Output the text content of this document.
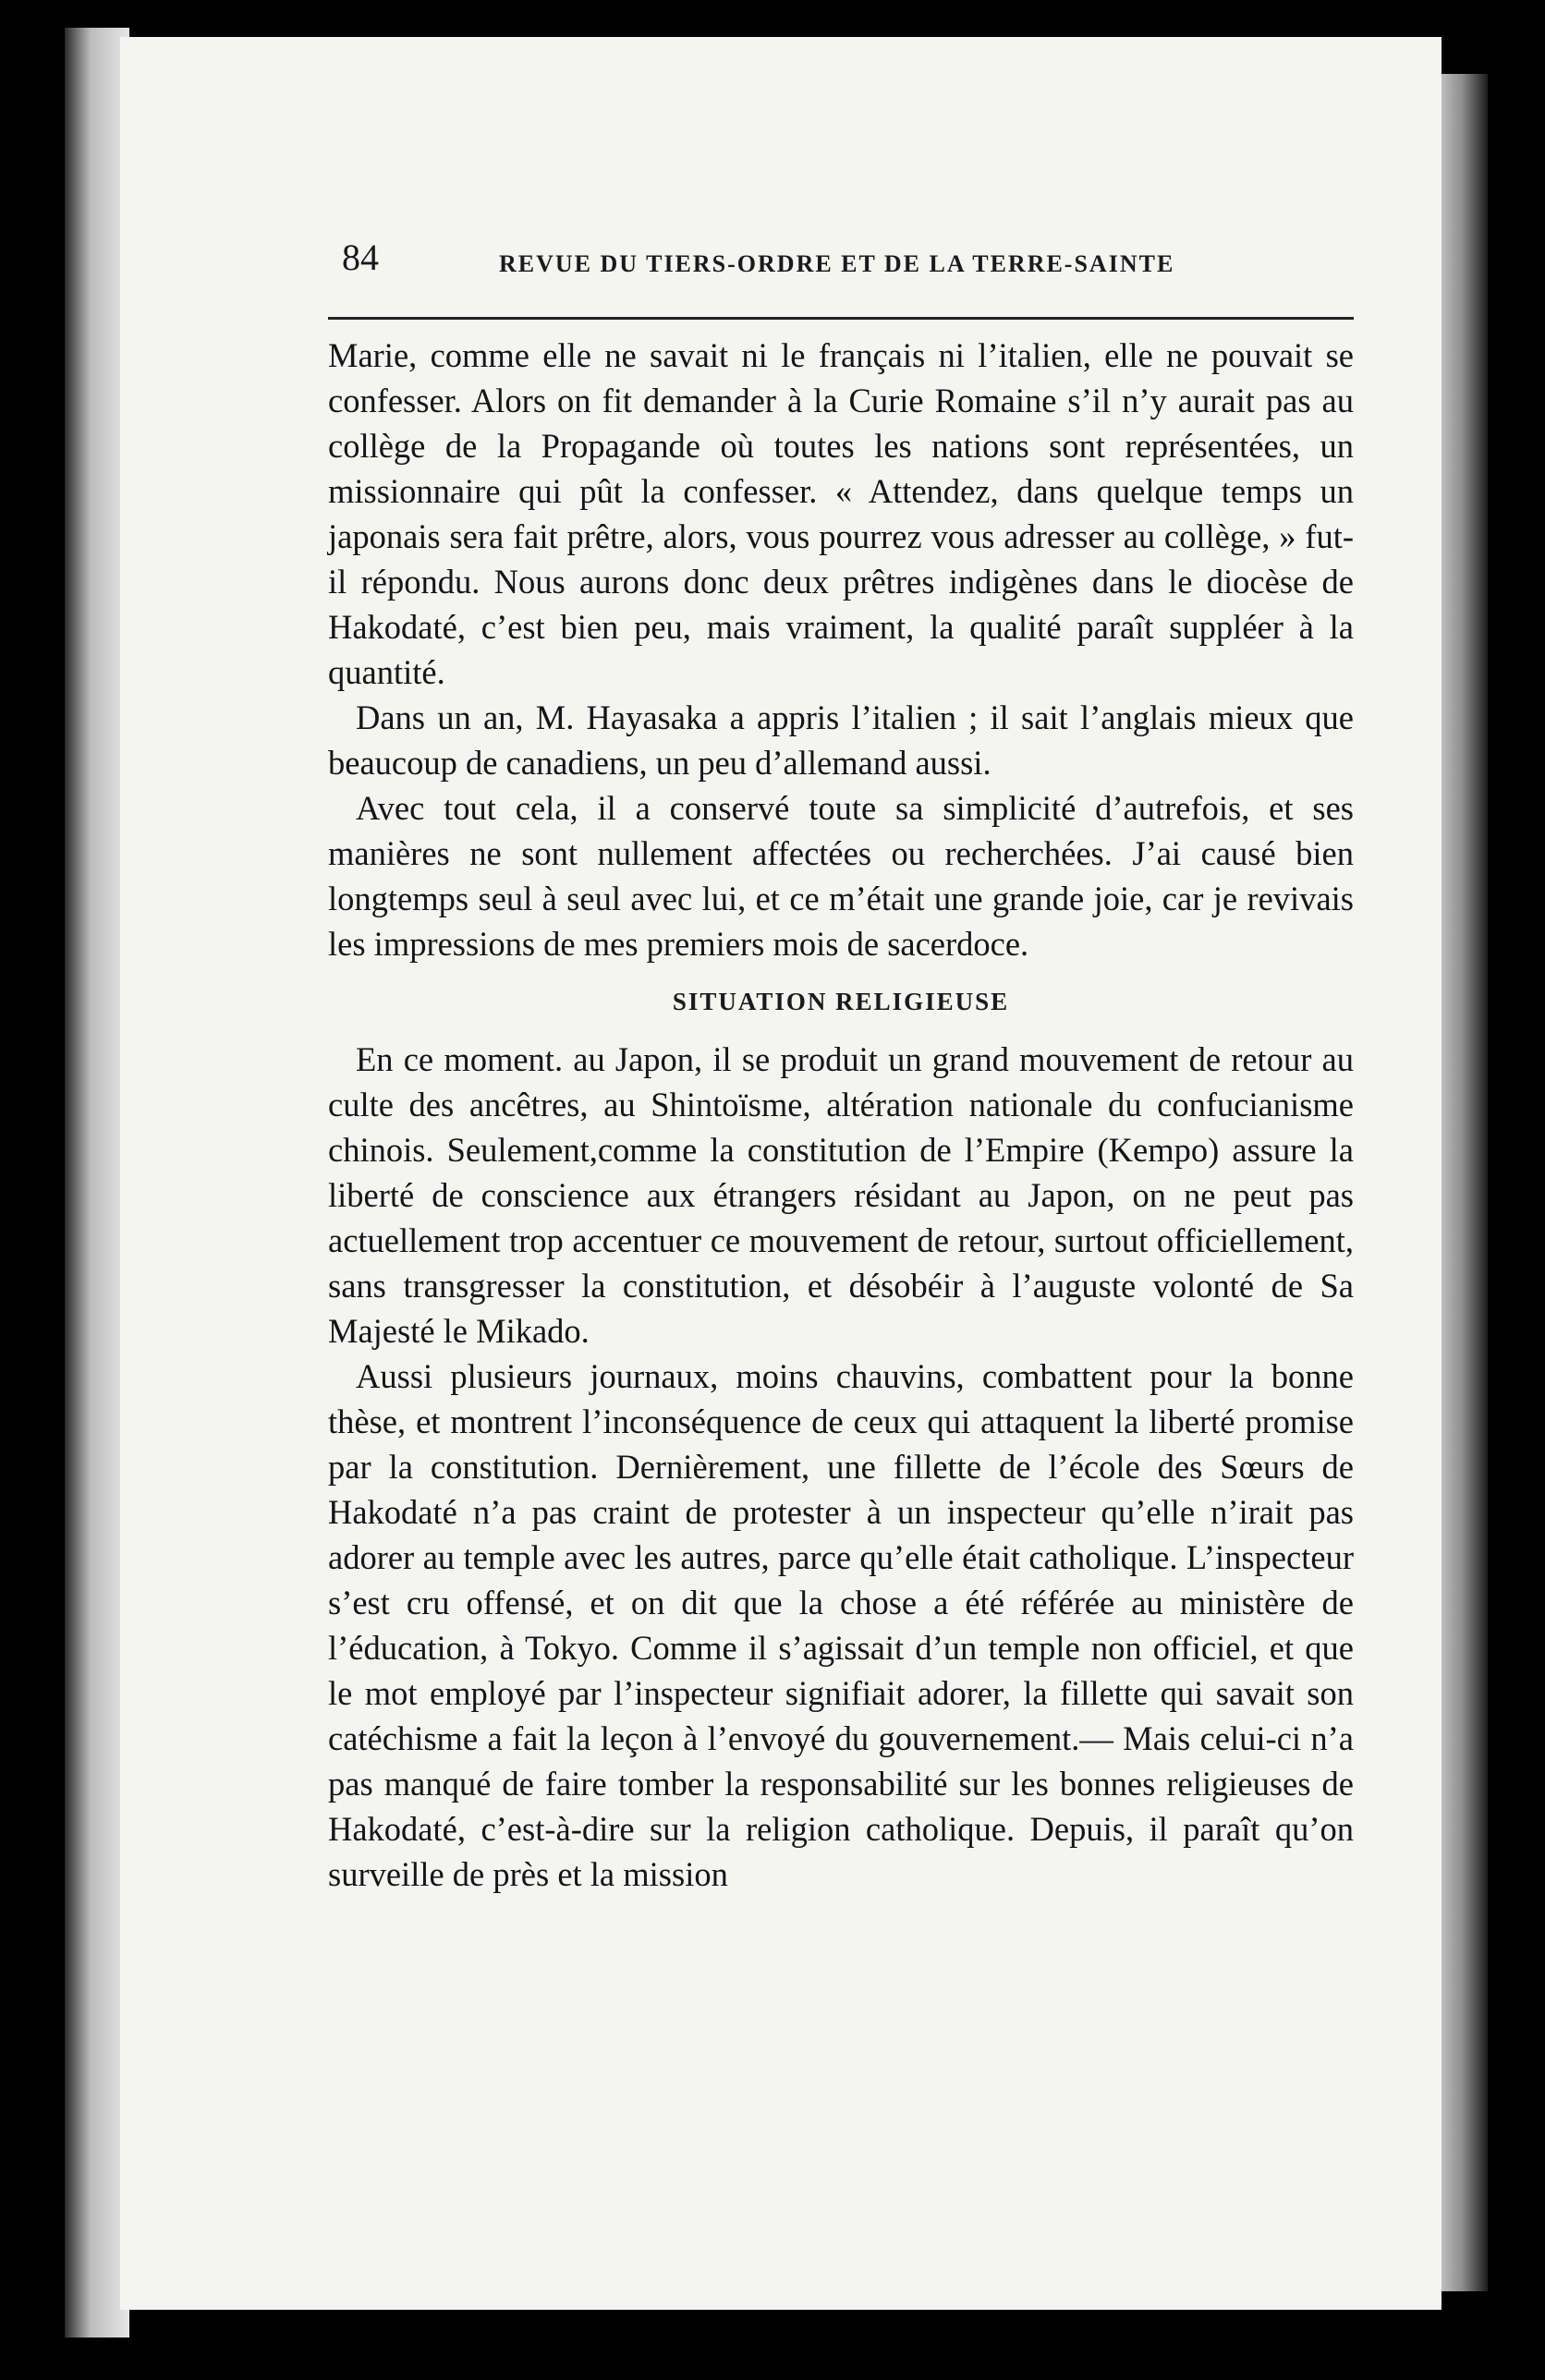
84	REVUE DU TIERS-ORDRE ET DE LA TERRE-SAINTE

Marie, comme elle ne savait ni le français ni l’italien, elle ne pouvait se confesser. Alors on fit demander à la Curie Romaine s’il n’y aurait pas au collège de la Propagande où toutes les nations sont représentées, un missionnaire qui pût la confesser. « Attendez, dans quelque temps un japonais sera fait prêtre, alors, vous pourrez vous adresser au collège, » fut-il répondu. Nous aurons donc deux prêtres indigènes dans le diocèse de Hakodaté, c’est bien peu, mais vraiment, la qualité paraît suppléer à la quantité.

Dans un an, M. Hayasaka a appris l’italien ; il sait l’anglais mieux que beaucoup de canadiens, un peu d’allemand aussi.

Avec tout cela, il a conservé toute sa simplicité d’autrefois, et ses manières ne sont nullement affectées ou recherchées. J’ai causé bien longtemps seul à seul avec lui, et ce m’était une grande joie, car je revivais les impressions de mes premiers mois de sacerdoce.

SITUATION RELIGIEUSE

En ce moment. au Japon, il se produit un grand mouvement de retour au culte des ancêtres, au Shintoïsme, altération nationale du confucianisme chinois. Seulement,comme la constitution de l’Empire (Kempo) assure la liberté de conscience aux étrangers résidant au Japon, on ne peut pas actuellement trop accentuer ce mouvement de retour, surtout officiellement, sans transgresser la constitution, et désobéir à l’auguste volonté de Sa Majesté le Mikado.

Aussi plusieurs journaux, moins chauvins, combattent pour la bonne thèse, et montrent l’inconséquence de ceux qui attaquent la liberté promise par la constitution. Dernièrement, une fillette de l’école des Sœurs de Hakodaté n’a pas craint de protester à un inspecteur qu’elle n’irait pas adorer au temple avec les autres, parce qu’elle était catholique. L’inspecteur s’est cru offensé, et on dit que la chose a été référée au ministère de l’éducation, à Tokyo. Comme il s’agissait d’un temple non officiel, et que le mot employé par l’inspecteur signifiait adorer, la fillette qui savait son catéchisme a fait la leçon à l’envoyé du gouvernement.— Mais celui-ci n’a pas manqué de faire tomber la responsabilité sur les bonnes religieuses de Hakodaté, c’est-à-dire sur la religion catholique. Depuis, il paraît qu’on surveille de près et la mission
